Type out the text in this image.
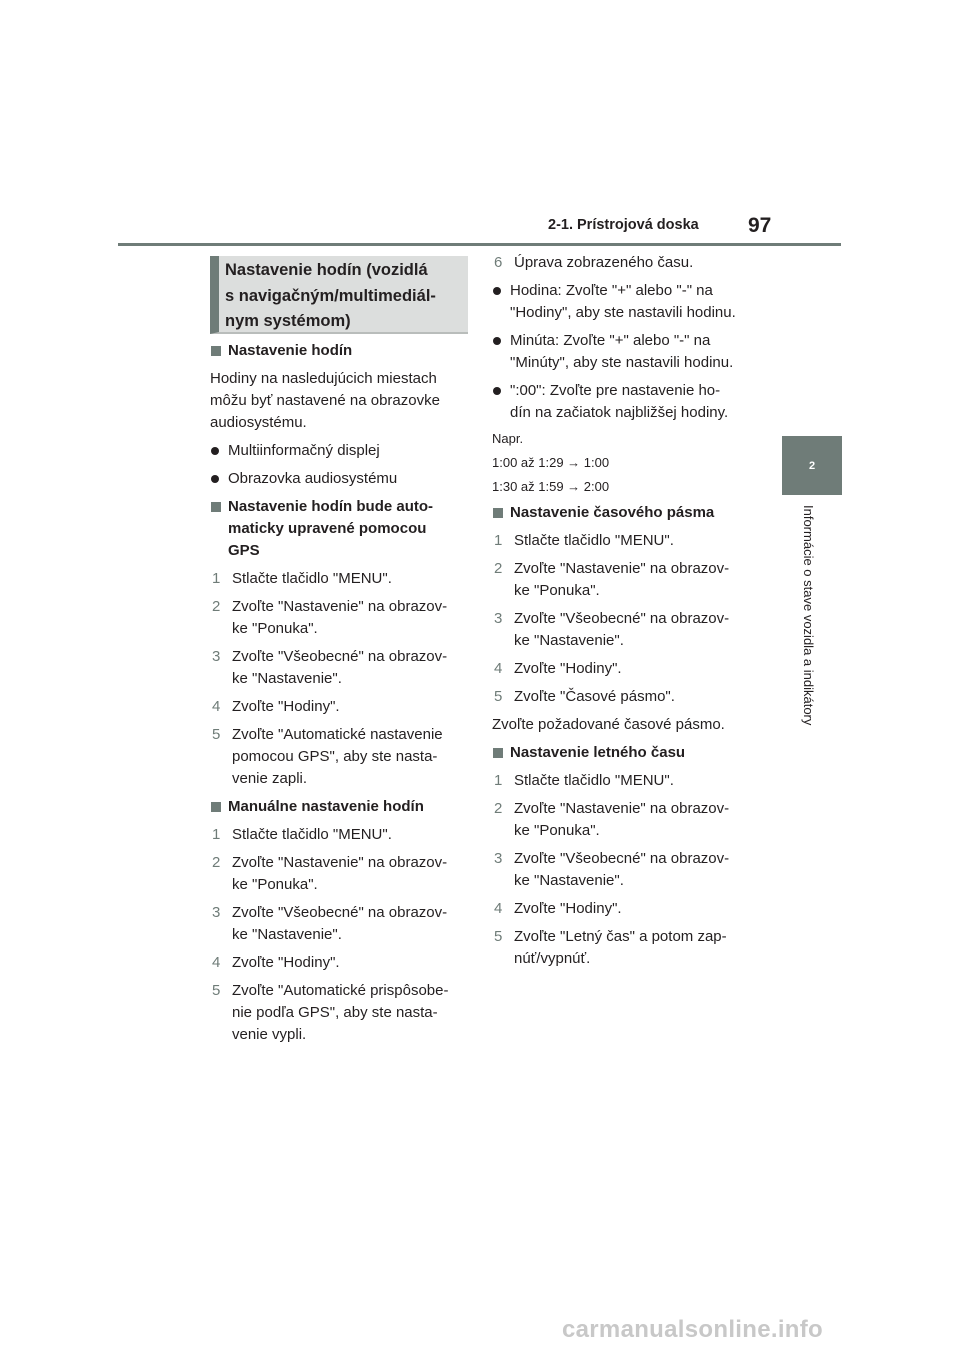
2-1. Prístrojová doska 97
2
Informácie o stave vozidla a indikátory
Nastavenie hodín (vozidlá
s navigačným/multimediál-
nym systémom)
Nastavenie hodín
Hodiny na nasledujúcich miestach
môžu byť nastavené na obrazovke
audiosystému.
Multiinformačný displej
Obrazovka audiosystému
Nastavenie hodín bude auto-
maticky upravené pomocou
GPS
1 Stlačte tlačidlo "MENU".
2 Zvoľte "Nastavenie" na obrazov-
ke "Ponuka".
3 Zvoľte "Všeobecné" na obrazov-
ke "Nastavenie".
4 Zvoľte "Hodiny".
5 Zvoľte "Automatické nastavenie
pomocou GPS", aby ste nasta-
venie zapli.
Manuálne nastavenie hodín
1 Stlačte tlačidlo "MENU".
2 Zvoľte "Nastavenie" na obrazov-
ke "Ponuka".
3 Zvoľte "Všeobecné" na obrazov-
ke "Nastavenie".
4 Zvoľte "Hodiny".
5 Zvoľte "Automatické prispôsobe-
nie podľa GPS", aby ste nasta-
venie vypli.
6 Úprava zobrazeného času.
Hodina: Zvoľte "+" alebo "-" na
"Hodiny", aby ste nastavili hodinu.
Minúta: Zvoľte "+" alebo "-" na
"Minúty", aby ste nastavili hodinu.
":00": Zvoľte pre nastavenie ho-
dín na začiatok najbližšej hodiny.
Napr.
1:00 až 1:29 → 1:00
1:30 až 1:59 → 2:00
Nastavenie časového pásma
1 Stlačte tlačidlo "MENU".
2 Zvoľte "Nastavenie" na obrazov-
ke "Ponuka".
3 Zvoľte "Všeobecné" na obrazov-
ke "Nastavenie".
4 Zvoľte "Hodiny".
5 Zvoľte "Časové pásmo".
Zvoľte požadované časové pásmo.
Nastavenie letného času
1 Stlačte tlačidlo "MENU".
2 Zvoľte "Nastavenie" na obrazov-
ke "Ponuka".
3 Zvoľte "Všeobecné" na obrazov-
ke "Nastavenie".
4 Zvoľte "Hodiny".
5 Zvoľte "Letný čas" a potom zap-
núť/vypnúť.
carmanualsonline.info
